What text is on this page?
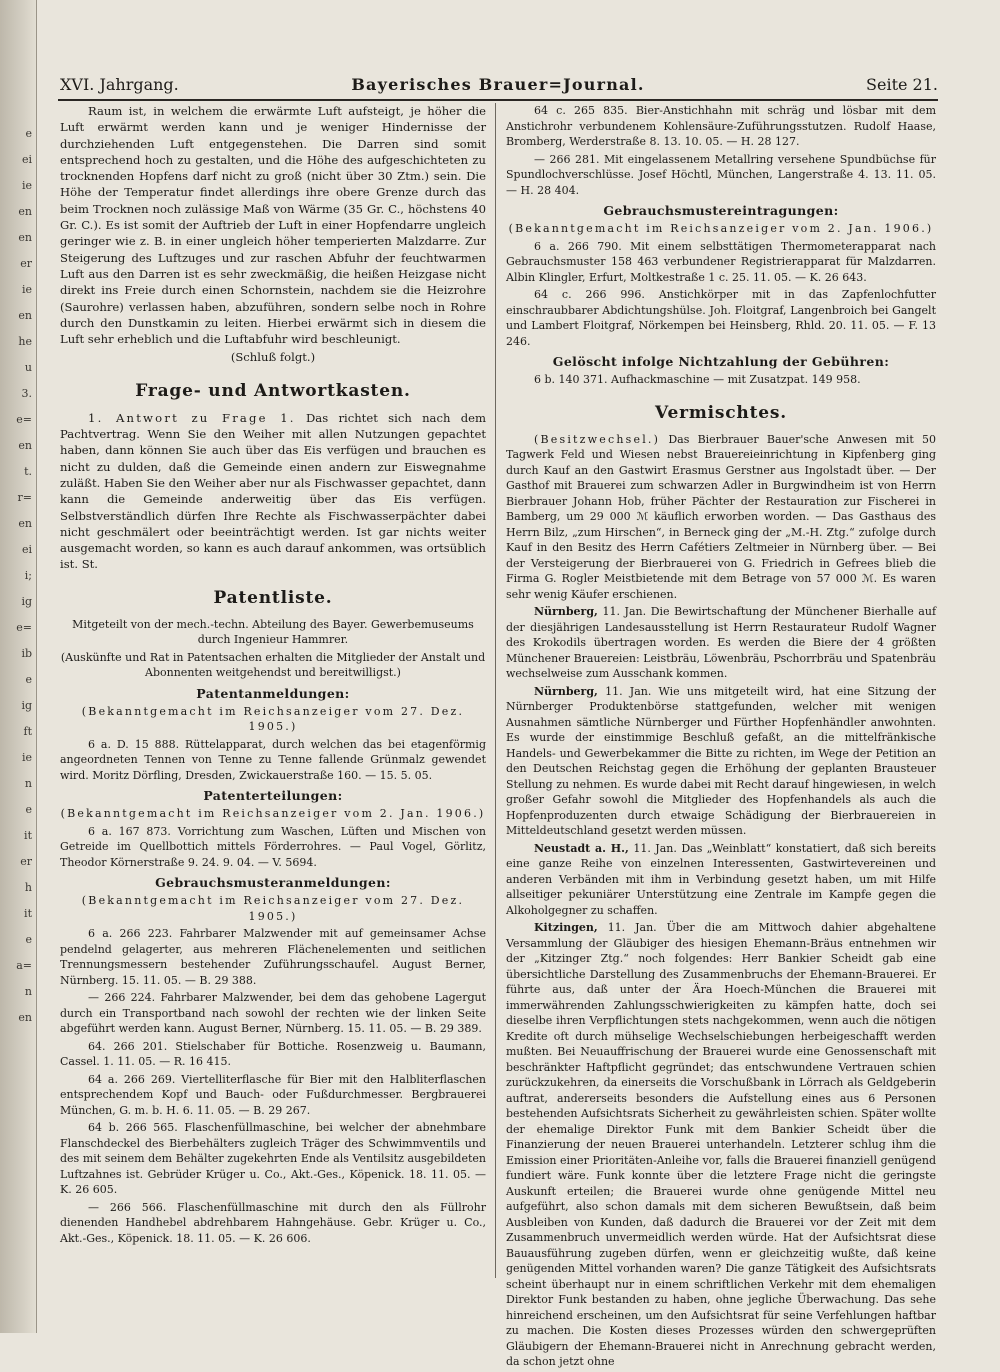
e
ei
ie
en
en
er
ie
en
he
u
3.
e=
en
t.
r=
en
ei
i;
ig
e=
ib
e
ig
ft
ie
n
e
it
er
h
it
e
a=
n
en
XVI. Jahrgang.	Bayerisches Brauer=Journal.	Seite 21.

Raum ist, in welchem die erwärmte Luft aufsteigt, je höher die Luft erwärmt werden kann und je weniger Hindernisse der durchziehenden Luft entgegenstehen. Die Darren sind somit entsprechend hoch zu gestalten, und die Höhe des aufgeschichteten zu trocknenden Hopfens darf nicht zu groß (nicht über 30 Ztm.) sein. Die Höhe der Temperatur findet allerdings ihre obere Grenze durch das beim Trocknen noch zulässige Maß von Wärme (35 Gr. C., höchstens 40 Gr. C.). Es ist somit der Auftrieb der Luft in einer Hopfendarre ungleich geringer wie z. B. in einer ungleich höher temperierten Malzdarre. Zur Steigerung des Luftzuges und zur raschen Abfuhr der feuchtwarmen Luft aus den Darren ist es sehr zweckmäßig, die heißen Heizgase nicht direkt ins Freie durch einen Schornstein, nachdem sie die Heizrohre (Saurohre) verlassen haben, abzuführen, sondern selbe noch in Rohre durch den Dunstkamin zu leiten. Hierbei erwärmt sich in diesem die Luft sehr erheblich und die Luftabfuhr wird beschleunigt.

(Schluß folgt.)

Frage- und Antwortkasten.

1. Antwort zu Frage 1. Das richtet sich nach dem Pachtvertrag. Wenn Sie den Weiher mit allen Nutzungen gepachtet haben, dann können Sie auch über das Eis verfügen und brauchen es nicht zu dulden, daß die Gemeinde einen andern zur Eiswegnahme zuläßt. Haben Sie den Weiher aber nur als Fischwasser gepachtet, dann kann die Gemeinde anderweitig über das Eis verfügen. Selbstverständlich dürfen Ihre Rechte als Fischwasserpächter dabei nicht geschmälert oder beeinträchtigt werden. Ist gar nichts weiter ausgemacht worden, so kann es auch darauf ankommen, was ortsüblich ist. St.

Patentliste.

Mitgeteilt von der mech.-techn. Abteilung des Bayer. Gewerbemuseums durch Ingenieur Hammrer.

(Auskünfte und Rat in Patentsachen erhalten die Mitglieder der Anstalt und Abonnenten weitgehendst und bereitwilligst.)

Patentanmeldungen:

(Bekanntgemacht im Reichsanzeiger vom 27. Dez. 1905.)

6 a. D. 15 888. Rüttelapparat, durch welchen das bei etagenförmig angeordneten Tennen von Tenne zu Tenne fallende Grünmalz gewendet wird. Moritz Dörfling, Dresden, Zwickauerstraße 160. — 15. 5. 05.

Patenterteilungen:

(Bekanntgemacht im Reichsanzeiger vom 2. Jan. 1906.)

6 a. 167 873. Vorrichtung zum Waschen, Lüften und Mischen von Getreide im Quellbottich mittels Förderrohres. — Paul Vogel, Görlitz, Theodor Körnerstraße 9. 24. 9. 04. — V. 5694.

Gebrauchsmusteranmeldungen:

(Bekanntgemacht im Reichsanzeiger vom 27. Dez. 1905.)

6 a. 266 223. Fahrbarer Malzwender mit auf gemeinsamer Achse pendelnd gelagerter, aus mehreren Flächenelementen und seitlichen Trennungsmessern bestehender Zuführungsschaufel. August Berner, Nürnberg. 15. 11. 05. — B. 29 388.

— 266 224. Fahrbarer Malzwender, bei dem das gehobene Lagergut durch ein Transportband nach sowohl der rechten wie der linken Seite abgeführt werden kann. August Berner, Nürnberg. 15. 11. 05. — B. 29 389.

64. 266 201. Stielschaber für Bottiche. Rosenzweig u. Baumann, Cassel. 1. 11. 05. — R. 16 415.

64 a. 266 269. Viertelliterflasche für Bier mit den Halbliterflaschen entsprechendem Kopf und Bauch- oder Fußdurchmesser. Bergbrauerei München, G. m. b. H. 6. 11. 05. — B. 29 267.

64 b. 266 565. Flaschenfüllmaschine, bei welcher der abnehmbare Flanschdeckel des Bierbehälters zugleich Träger des Schwimmventils und des mit seinem dem Behälter zugekehrten Ende als Ventilsitz ausgebildeten Luftzahnes ist. Gebrüder Krüger u. Co., Akt.-Ges., Köpenick. 18. 11. 05. — K. 26 605.

— 266 566. Flaschenfüllmaschine mit durch den als Füllrohr dienenden Handhebel abdrehbarem Hahngehäuse. Gebr. Krüger u. Co., Akt.-Ges., Köpenick. 18. 11. 05. — K. 26 606.

64 c. 265 835. Bier-Anstichhahn mit schräg und lösbar mit dem Anstichrohr verbundenem Kohlensäure-Zuführungsstutzen. Rudolf Haase, Bromberg, Werderstraße 8. 13. 10. 05. — H. 28 127.

— 266 281. Mit eingelassenem Metallring versehene Spundbüchse für Spundlochverschlüsse. Josef Höchtl, München, Langerstraße 4. 13. 11. 05. — H. 28 404.

Gebrauchsmustereintragungen:

(Bekanntgemacht im Reichsanzeiger vom 2. Jan. 1906.)

6 a. 266 790. Mit einem selbsttätigen Thermometerapparat nach Gebrauchsmuster 158 463 verbundener Registrierapparat für Malzdarren. Albin Klingler, Erfurt, Moltkestraße 1 c. 25. 11. 05. — K. 26 643.

64 c. 266 996. Anstichkörper mit in das Zapfenlochfutter einschraubbarer Abdichtungshülse. Joh. Floitgraf, Langenbroich bei Gangelt und Lambert Floitgraf, Nörkempen bei Heinsberg, Rhld. 20. 11. 05. — F. 13 246.

Gelöscht infolge Nichtzahlung der Gebühren:

6 b. 140 371. Aufhackmaschine — mit Zusatzpat. 149 958.

Vermischtes.

(Besitzwechsel.) Das Bierbrauer Bauer'sche Anwesen mit 50 Tagwerk Feld und Wiesen nebst Brauereieinrichtung in Kipfenberg ging durch Kauf an den Gastwirt Erasmus Gerstner aus Ingolstadt über. — Der Gasthof mit Brauerei zum schwarzen Adler in Burgwindheim ist von Herrn Bierbrauer Johann Hob, früher Pächter der Restauration zur Fischerei in Bamberg, um 29 000 ℳ käuflich erworben worden. — Das Gasthaus des Herrn Bilz, „zum Hirschen“, in Berneck ging der „M.-H. Ztg.“ zufolge durch Kauf in den Besitz des Herrn Cafétiers Zeltmeier in Nürnberg über. — Bei der Versteigerung der Bierbrauerei von G. Friedrich in Gefrees blieb die Firma G. Rogler Meistbietende mit dem Betrage von 57 000 ℳ. Es waren sehr wenig Käufer erschienen.

Nürnberg, 11. Jan. Die Bewirtschaftung der Münchener Bierhalle auf der diesjährigen Landesausstellung ist Herrn Restaurateur Rudolf Wagner des Krokodils übertragen worden. Es werden die Biere der 4 größten Münchener Brauereien: Leistbräu, Löwenbräu, Pschorrbräu und Spatenbräu wechselweise zum Ausschank kommen.

Nürnberg, 11. Jan. Wie uns mitgeteilt wird, hat eine Sitzung der Nürnberger Produktenbörse stattgefunden, welcher mit wenigen Ausnahmen sämtliche Nürnberger und Fürther Hopfenhändler anwohnten. Es wurde der einstimmige Beschluß gefaßt, an die mittelfränkische Handels- und Gewerbekammer die Bitte zu richten, im Wege der Petition an den Deutschen Reichstag gegen die Erhöhung der geplanten Brausteuer Stellung zu nehmen. Es wurde dabei mit Recht darauf hingewiesen, in welch großer Gefahr sowohl die Mitglieder des Hopfenhandels als auch die Hopfenproduzenten durch etwaige Schädigung der Bierbrauereien in Mitteldeutschland gesetzt werden müssen.

Neustadt a. H., 11. Jan. Das „Weinblatt“ konstatiert, daß sich bereits eine ganze Reihe von einzelnen Interessenten, Gastwirtevereinen und anderen Verbänden mit ihm in Verbindung gesetzt haben, um mit Hilfe allseitiger pekuniärer Unterstützung eine Zentrale im Kampfe gegen die Alkoholgegner zu schaffen.

Kitzingen, 11. Jan. Über die am Mittwoch dahier abgehaltene Versammlung der Gläubiger des hiesigen Ehemann-Bräus entnehmen wir der „Kitzinger Ztg.“ noch folgendes: Herr Bankier Scheidt gab eine übersichtliche Darstellung des Zusammenbruchs der Ehemann-Brauerei. Er führte aus, daß unter der Ära Hoech-München die Brauerei mit immerwährenden Zahlungsschwierigkeiten zu kämpfen hatte, doch sei dieselbe ihren Verpflichtungen stets nachgekommen, wenn auch die nötigen Kredite oft durch mühselige Wechselschiebungen herbeigeschafft werden mußten. Bei Neuauffrischung der Brauerei wurde eine Genossenschaft mit beschränkter Haftpflicht gegründet; das entschwundene Vertrauen schien zurückzukehren, da einerseits die Vorschußbank in Lörrach als Geldgeberin auftrat, andererseits besonders die Aufstellung eines aus 6 Personen bestehenden Aufsichtsrats Sicherheit zu gewährleisten schien. Später wollte der ehemalige Direktor Funk mit dem Bankier Scheidt über die Finanzierung der neuen Brauerei unterhandeln. Letzterer schlug ihm die Emission einer Prioritäten-Anleihe vor, falls die Brauerei finanziell genügend fundiert wäre. Funk konnte über die letztere Frage nicht die geringste Auskunft erteilen; die Brauerei wurde ohne genügende Mittel neu aufgeführt, also schon damals mit dem sicheren Bewußtsein, daß beim Ausbleiben von Kunden, daß dadurch die Brauerei vor der Zeit mit dem Zusammenbruch unvermeidlich werden würde. Hat der Aufsichtsrat diese Bauausführung zugeben dürfen, wenn er gleichzeitig wußte, daß keine genügenden Mittel vorhanden waren? Die ganze Tätigkeit des Aufsichtsrats scheint überhaupt nur in einem schriftlichen Verkehr mit dem ehemaligen Direktor Funk bestanden zu haben, ohne jegliche Überwachung. Das sehe hinreichend erscheinen, um den Aufsichtsrat für seine Verfehlungen haftbar zu machen. Die Kosten dieses Prozesses würden den schwergeprüften Gläubigern der Ehemann-Brauerei nicht in Anrechnung gebracht werden, da schon jetzt ohne
